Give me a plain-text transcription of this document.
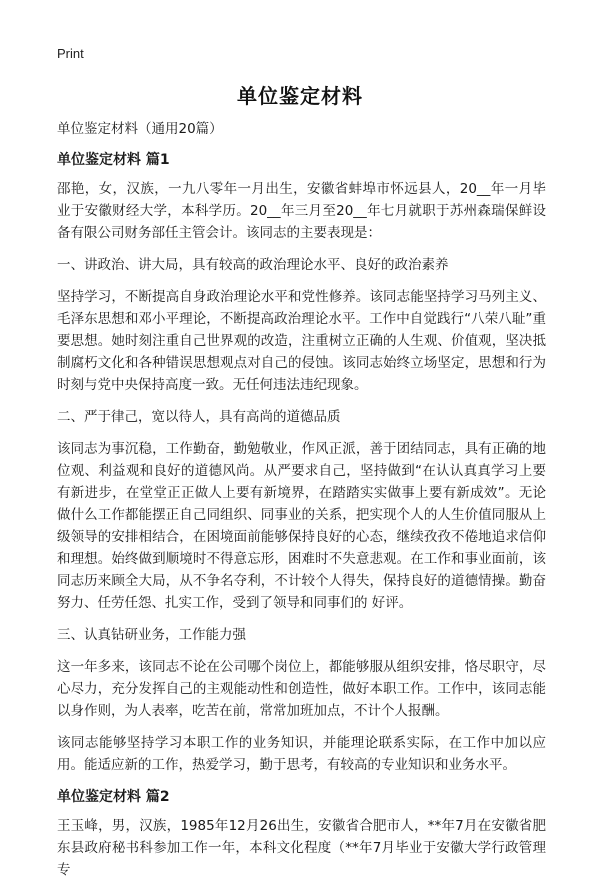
Print
单位鉴定材料

单位鉴定材料（通用20篇）

单位鉴定材料 篇1

邵艳，女，汉族，一九八零年一月出生，安徽省蚌埠市怀远县人，20__年一月毕业于安徽财经大学，本科学历。20__年三月至20__年七月就职于苏州森瑞保鲜设备有限公司财务部任主管会计。该同志的主要表现是：

一、讲政治、讲大局，具有较高的政治理论水平、良好的政治素养

坚持学习，不断提高自身政治理论水平和党性修养。该同志能坚持学习马列主义、毛泽东思想和邓小平理论，不断提高政治理论水平。工作中自觉践行“八荣八耻”重要思想。她时刻注重自己世界观的改造，注重树立正确的人生观、价值观，坚决抵制腐朽文化和各种错误思想观点对自己的侵蚀。该同志始终立场坚定，思想和行为时刻与党中央保持高度一致。无任何违法违纪现象。

二、严于律己，宽以待人，具有高尚的道德品质

该同志为事沉稳，工作勤奋，勤勉敬业，作风正派，善于团结同志，具有正确的地位观、利益观和良好的道德风尚。从严要求自己，坚持做到“在认认真真学习上要有新进步，在堂堂正正做人上要有新境界，在踏踏实实做事上要有新成效”。无论做什么工作都能摆正自己同组织、同事业的关系，把实现个人的人生价值同服从上级领导的安排相结合，在困境面前能够保持良好的心态，继续孜孜不倦地追求信仰和理想。始终做到顺境时不得意忘形，困难时不失意悲观。在工作和事业面前，该同志历来顾全大局，从不争名夺利，不计较个人得失，保持良好的道德情操。勤奋努力、任劳任怨、扎实工作，受到了领导和同事们的 好评。

三、认真钻研业务，工作能力强

这一年多来，该同志不论在公司哪个岗位上，都能够服从组织安排，恪尽职守，尽心尽力，充分发挥自己的主观能动性和创造性，做好本职工作。工作中，该同志能以身作则，为人表率，吃苦在前，常常加班加点，不计个人报酬。

该同志能够坚持学习本职工作的业务知识，并能理论联系实际，在工作中加以应用。能适应新的工作，热爱学习，勤于思考，有较高的专业知识和业务水平。

单位鉴定材料 篇2

王玉峰，男，汉族，1985年12月26出生，安徽省合肥市人，**年7月在安徽省肥东县政府秘书科参加工作一年，本科文化程度（**年7月毕业于安徽大学行政管理专
